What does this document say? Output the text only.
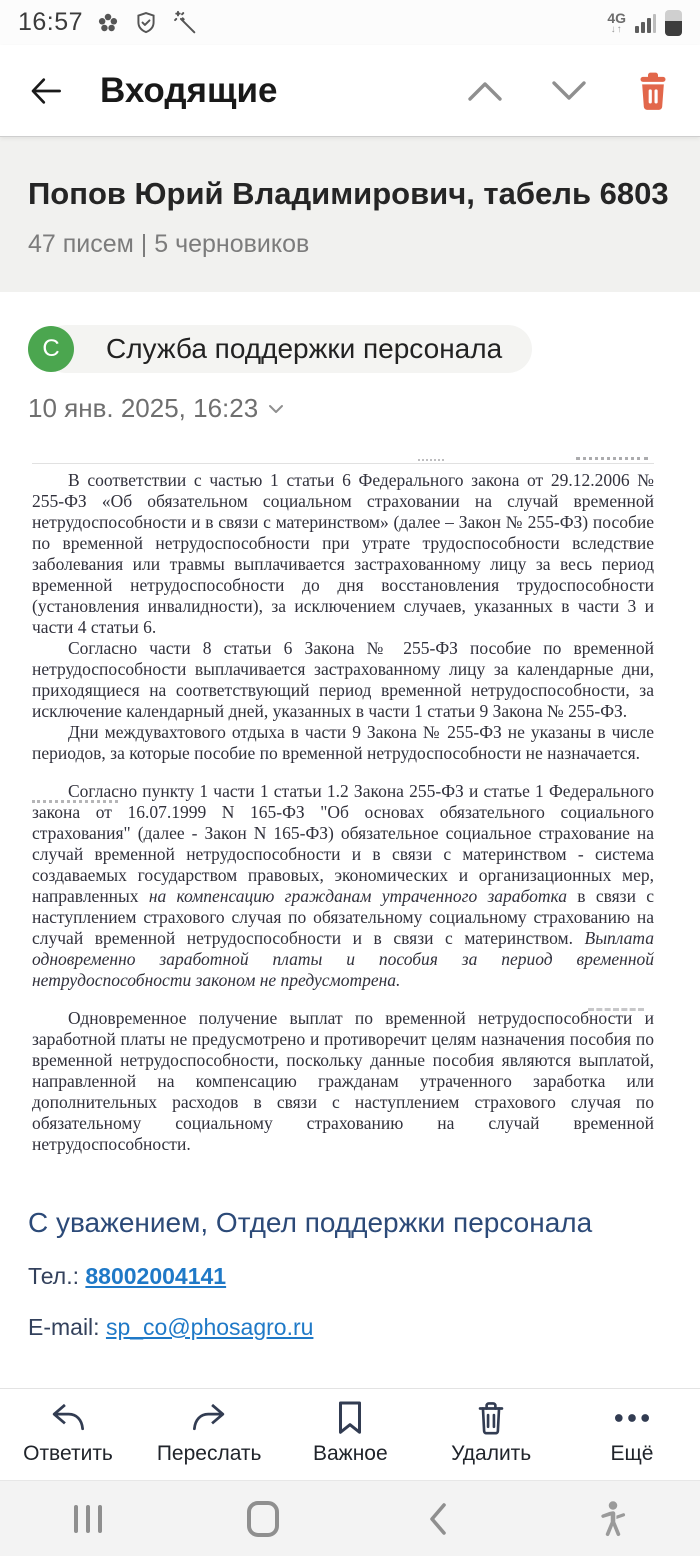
16:57	4G
↓↑
Входящие
Попов Юрий Владимирович, табель 6803
47 писем | 5 черновиков
Служба поддержки персонала
С
10 янв. 2025, 16:23

В соответствии с частью 1 статьи 6 Федерального закона от 29.12.2006 № 255-ФЗ «Об обязательном социальном страховании на случай временной нетрудоспособности и в связи с материнством» (далее – Закон № 255-ФЗ) пособие по временной нетрудоспособности при утрате трудоспособности вследствие заболевания или травмы выплачивается застрахованному лицу за весь период временной нетрудоспособности до дня восстановления трудоспособности (установления инвалидности), за исключением случаев, указанных в части 3 и части 4 статьи 6.

Согласно части 8 статьи 6 Закона № 255-ФЗ пособие по временной нетрудоспособности выплачивается застрахованному лицу за календарные дни, приходящиеся на соответствующий период временной нетрудоспособности, за исключение календарный дней, указанных в части 1 статьи 9 Закона № 255-ФЗ.

Дни междувахтового отдыха в части 9 Закона № 255-ФЗ не указаны в числе периодов, за которые пособие по временной нетрудоспособности не назначается.

Согласно пункту 1 части 1 статьи 1.2 Закона 255-ФЗ и статье 1 Федерального закона от 16.07.1999 N 165-ФЗ "Об основах обязательного социального страхования" (далее - Закон N 165-ФЗ) обязательное социальное страхование на случай временной нетрудоспособности и в связи с материнством - система создаваемых государством правовых, экономических и организационных мер, направленных на компенсацию гражданам утраченного заработка в связи с наступлением страхового случая по обязательному социальному страхованию на случай временной нетрудоспособности и в связи с материнством. Выплата одновременно заработной платы и пособия за период временной нетрудоспособности законом не предусмотрена.

Одновременное получение выплат по временной нетрудоспособности и заработной платы не предусмотрено и противоречит целям назначения пособия по временной нетрудоспособности, поскольку данные пособия являются выплатой, направленной на компенсацию гражданам утраченного заработка или дополнительных расходов в связи с наступлением страхового случая по обязательному социальному страхованию на случай временной нетрудоспособности.

С уважением, Отдел поддержки персонала
Тел.: 88002004141
E-mail: sp_co@phosagro.ru
Ответить Переслать Важное	Удалить	Ещё
